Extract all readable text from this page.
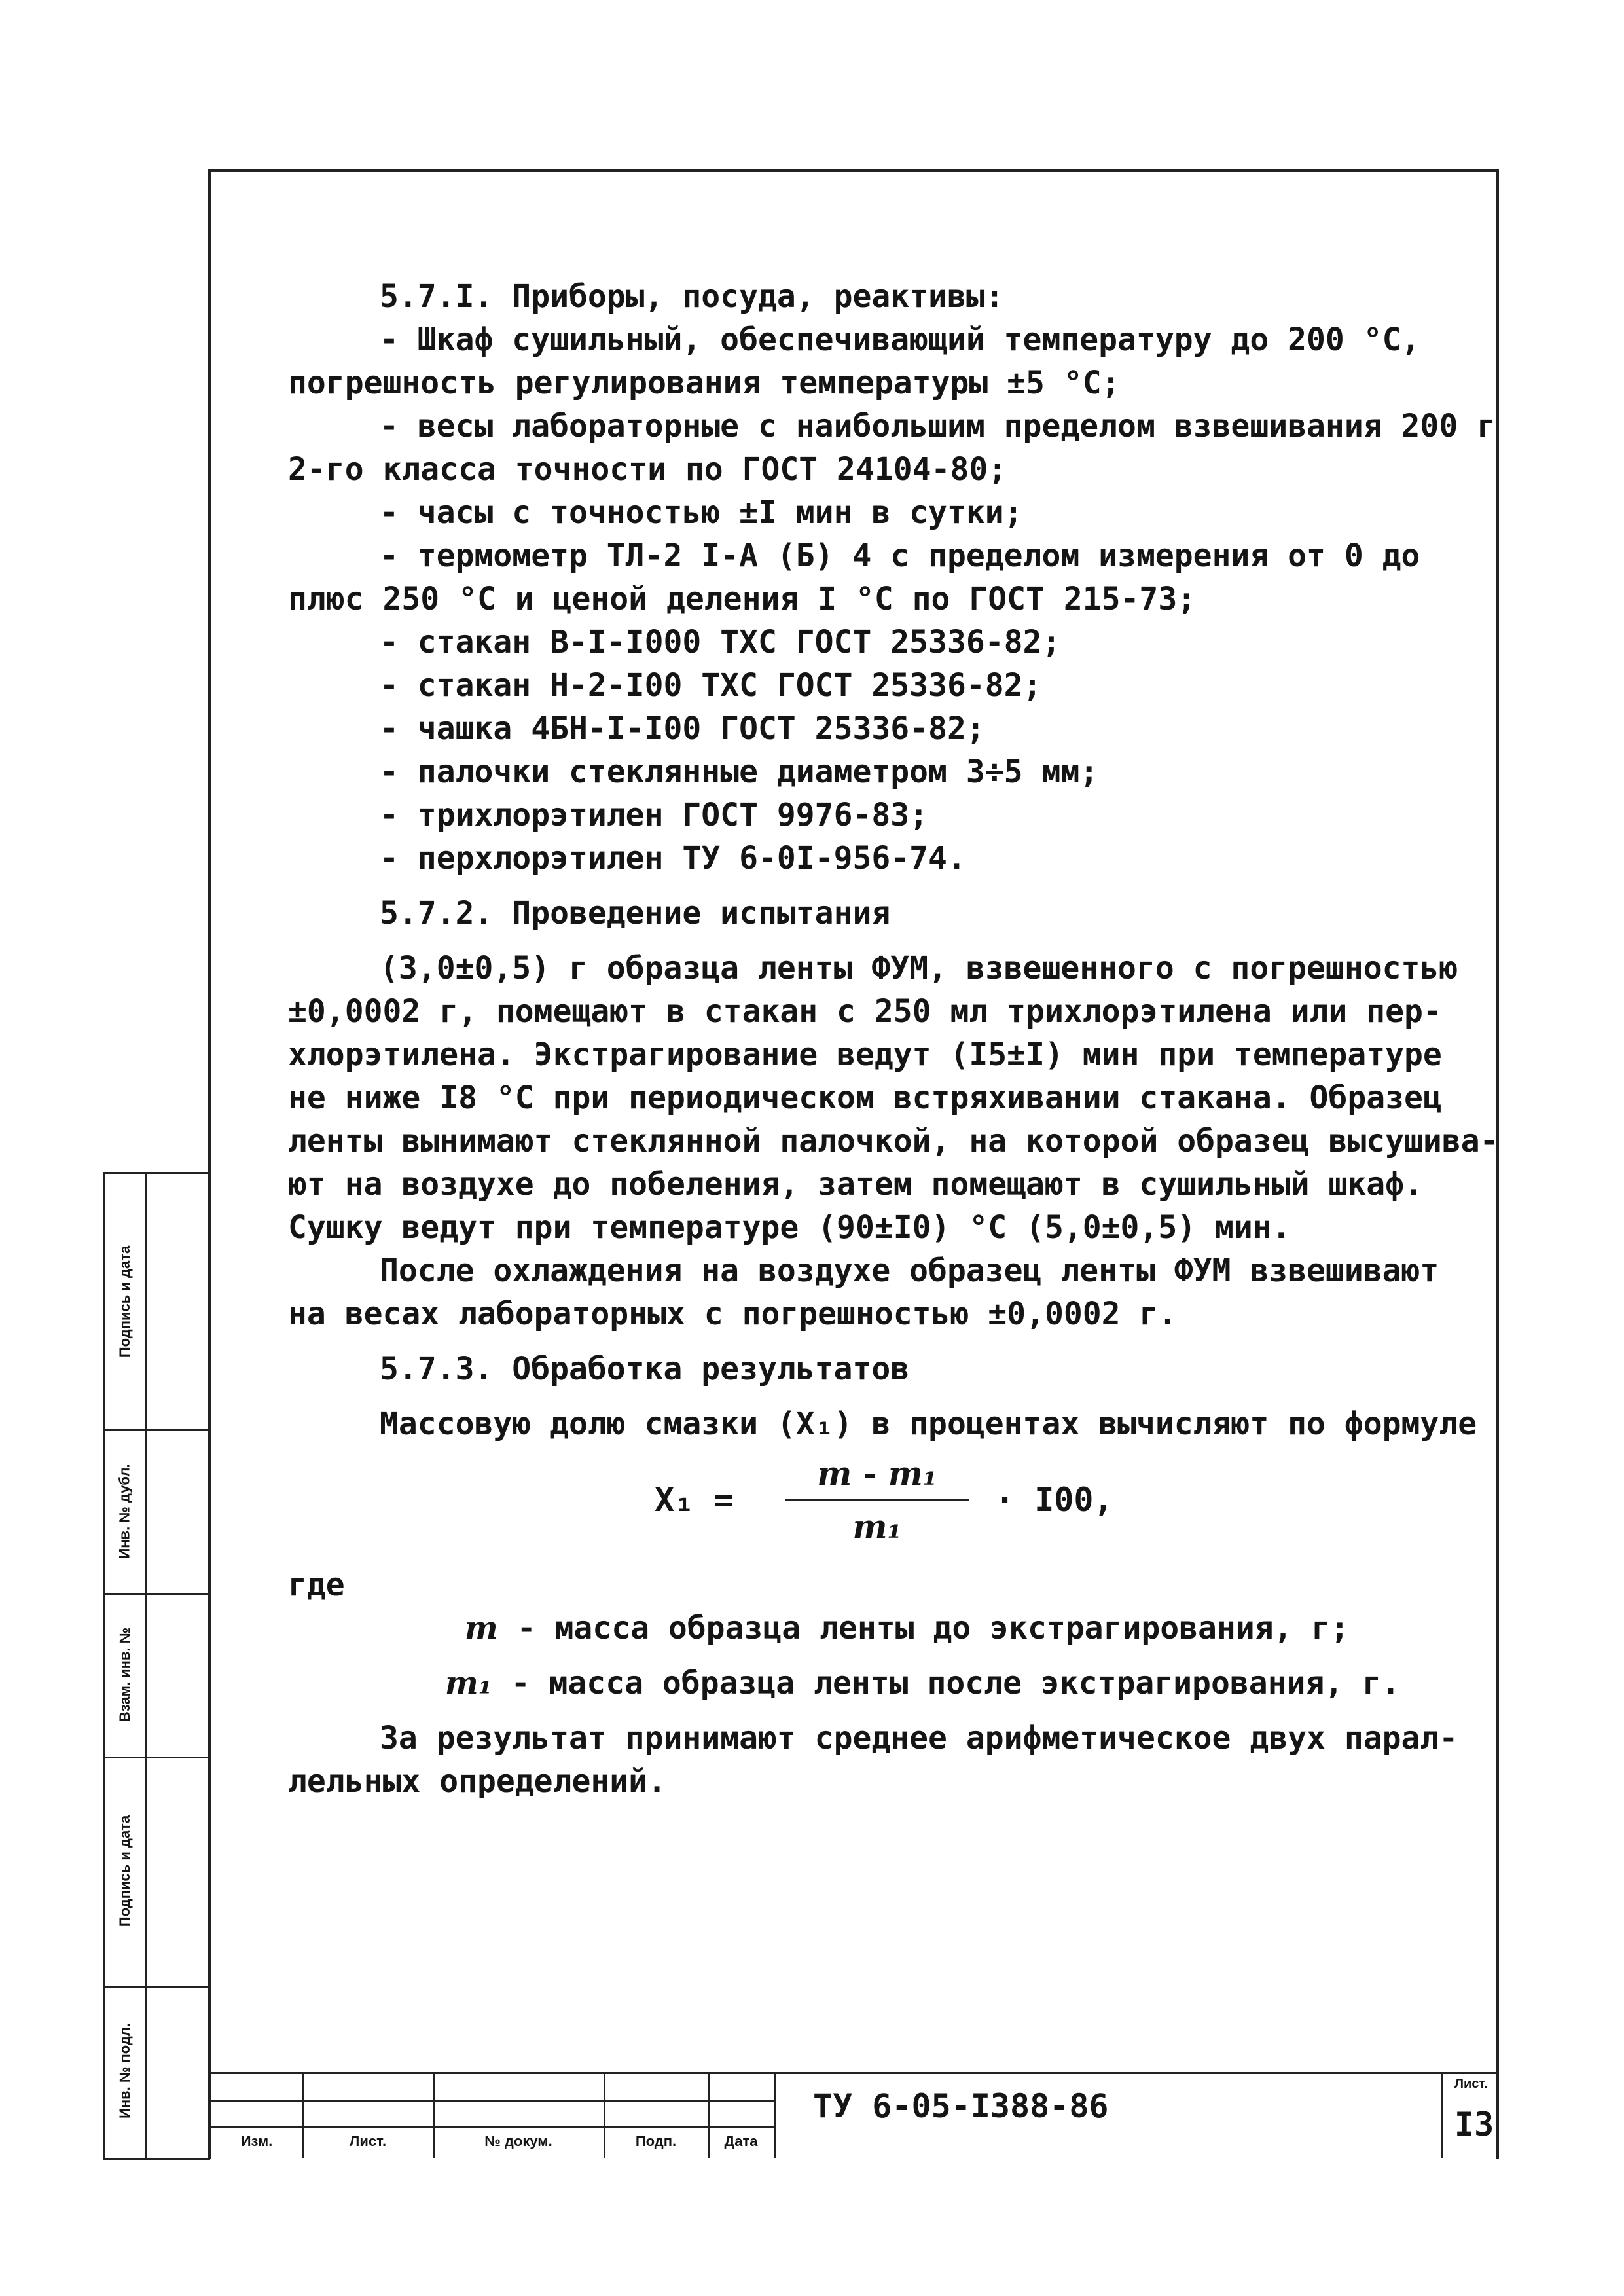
Подпись и дата
Инв. № дубл.
Взам. инв. №
Подпись и дата
Инв. № подл.
5.7.I. Приборы, посуда, реактивы:
- Шкаф сушильный, обеспечивающий температуру до 200 °С,
погрешность регулирования температуры ±5 °С;
- весы лабораторные с наибольшим пределом взвешивания 200 г
2-го класса точности по ГОСТ 24104-80;
- часы с точностью ±I мин в сутки;
- термометр ТЛ-2 I-А (Б) 4 с пределом измерения от 0 до
плюс 250 °С и ценой деления I °С по ГОСТ 215-73;
- стакан В-I-I000 ТХС ГОСТ 25336-82;
- стакан Н-2-I00 ТХС ГОСТ 25336-82;
- чашка 4БН-I-I00 ГОСТ 25336-82;
- палочки стеклянные диаметром 3÷5 мм;
- трихлорэтилен ГОСТ 9976-83;
- перхлорэтилен ТУ 6-0I-956-74.
5.7.2. Проведение испытания
(3,0±0,5) г образца ленты ФУМ, взвешенного с погрешностью
±0,0002 г, помещают в стакан с 250 мл трихлорэтилена или пер-
хлорэтилена. Экстрагирование ведут (I5±I) мин при температуре
не ниже I8 °С при периодическом встряхивании стакана. Образец
ленты вынимают стеклянной палочкой, на которой образец высушива-
ют на воздухе до побеления, затем помещают в сушильный шкаф.
Сушку ведут при температуре (90±I0) °С (5,0±0,5) мин.
После охлаждения на воздухе образец ленты ФУМ взвешивают
на весах лабораторных с погрешностью ±0,0002 г.
5.7.3. Обработка результатов
Массовую долю смазки (X₁) в процентах вычисляют по формуле
X₁ =
m - m₁
m₁
· I00,
где
m - масса образца ленты до экстрагирования, г;
m₁ - масса образца ленты после экстрагирования, г.
За результат принимают среднее арифметическое двух парал-
лельных определений.
Изм.	Лист.	№ докум.	Подп.	Дата
ТУ 6-05-I388-86
Лист.
I3
